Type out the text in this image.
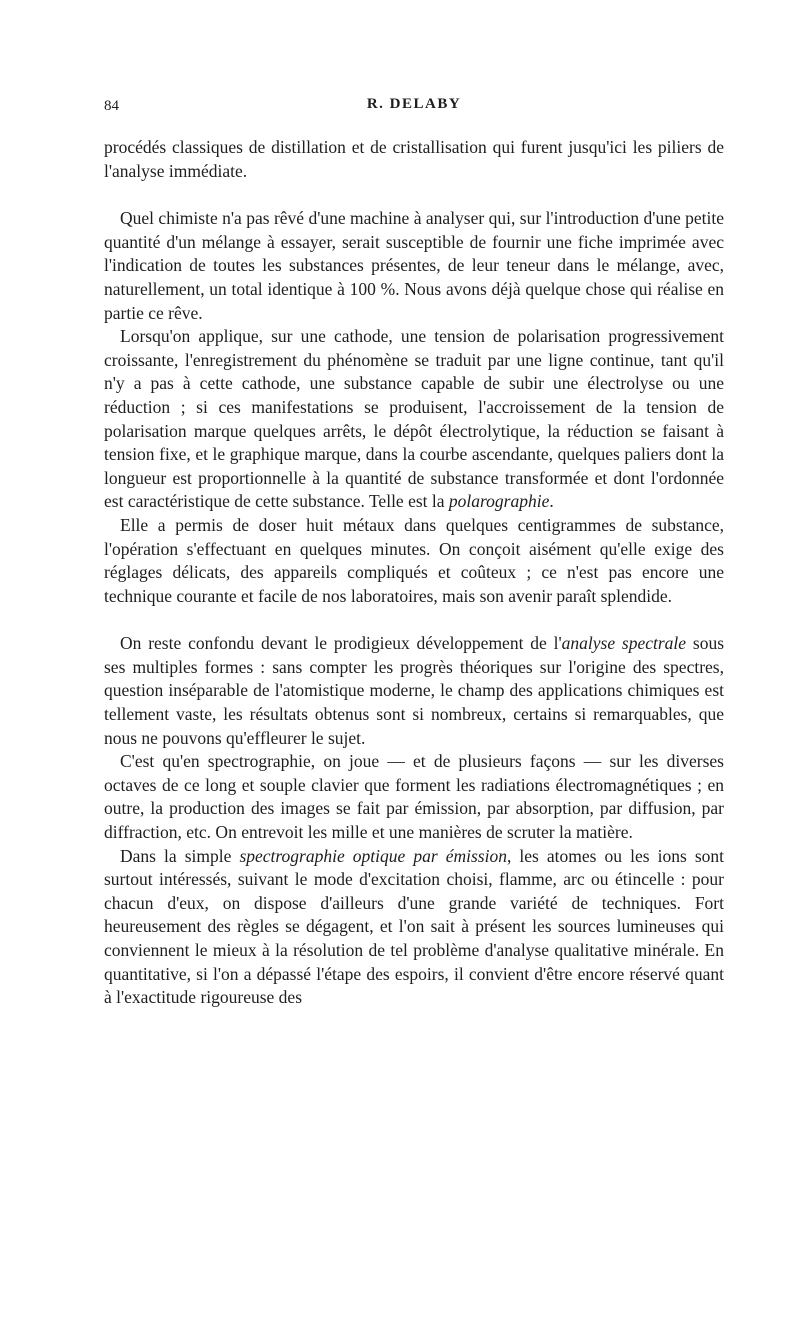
84	R. DELABY

procédés classiques de distillation et de cristallisation qui furent jusqu'ici les piliers de l'analyse immédiate.

Quel chimiste n'a pas rêvé d'une machine à analyser qui, sur l'introduction d'une petite quantité d'un mélange à essayer, serait susceptible de fournir une fiche imprimée avec l'indication de toutes les substances présentes, de leur teneur dans le mélange, avec, naturellement, un total identique à 100 %. Nous avons déjà quelque chose qui réalise en partie ce rêve.

Lorsqu'on applique, sur une cathode, une tension de polarisation progressivement croissante, l'enregistrement du phénomène se traduit par une ligne continue, tant qu'il n'y a pas à cette cathode, une substance capable de subir une électrolyse ou une réduction ; si ces manifestations se produisent, l'accroissement de la tension de polarisation marque quelques arrêts, le dépôt électrolytique, la réduction se faisant à tension fixe, et le graphique marque, dans la courbe ascendante, quelques paliers dont la longueur est proportionnelle à la quantité de substance transformée et dont l'ordonnée est caractéristique de cette substance. Telle est la polarographie.

Elle a permis de doser huit métaux dans quelques centigrammes de substance, l'opération s'effectuant en quelques minutes. On conçoit aisément qu'elle exige des réglages délicats, des appareils compliqués et coûteux ; ce n'est pas encore une technique courante et facile de nos laboratoires, mais son avenir paraît splendide.

On reste confondu devant le prodigieux développement de l'analyse spectrale sous ses multiples formes : sans compter les progrès théoriques sur l'origine des spectres, question inséparable de l'atomistique moderne, le champ des applications chimiques est tellement vaste, les résultats obtenus sont si nombreux, certains si remarquables, que nous ne pouvons qu'effleurer le sujet.

C'est qu'en spectrographie, on joue — et de plusieurs façons — sur les diverses octaves de ce long et souple clavier que forment les radiations électromagnétiques ; en outre, la production des images se fait par émission, par absorption, par diffusion, par diffraction, etc. On entrevoit les mille et une manières de scruter la matière.

Dans la simple spectrographie optique par émission, les atomes ou les ions sont surtout intéressés, suivant le mode d'excitation choisi, flamme, arc ou étincelle : pour chacun d'eux, on dispose d'ailleurs d'une grande variété de techniques. Fort heureusement des règles se dégagent, et l'on sait à présent les sources lumineuses qui conviennent le mieux à la résolution de tel problème d'analyse qualitative minérale. En quantitative, si l'on a dépassé l'étape des espoirs, il convient d'être encore réservé quant à l'exactitude rigoureuse des
